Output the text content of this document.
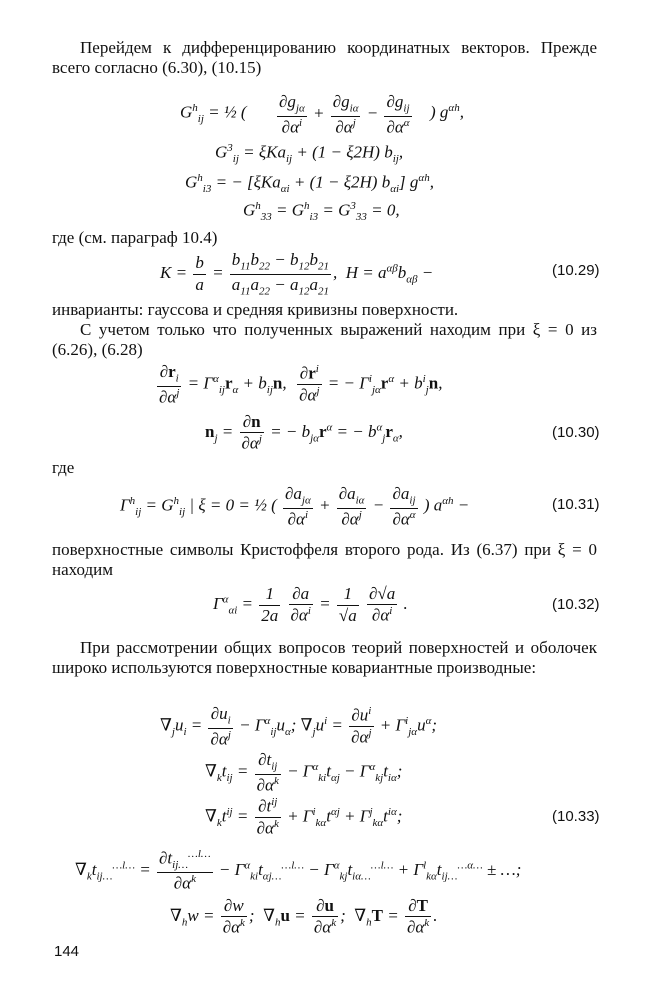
Перейдем к дифференцированию координатных векторов. Прежде всего согласно (6.30), (10.15)

$G^h_{ij}$ = ½ ( $\frac{\partial g_{j\alpha}}{\partial\alpha^i} + \frac{\partial g_{i\alpha}}{\partial\alpha^j} - \frac{\partial g_{ij}}{\partial\alpha^\alpha}$ ) $g^{\alpha h}$,
$G^3_{ij} = \xi Ka_{ij} + (1 - \xi 2H)$ $b_{ij}$,
$G^h_{i3}$ = − [ξKa$_{\alpha i}$ + (1 − ξ2H) $b_{\alpha i}$] $g^{\alpha h}$,
$G^h_{33} = G^h_{i3} = G^3_{33} = 0$,

где (см. параграф 10.4)

$K = \frac{b}{a} = \frac{b_{11}b_{22} - b_{12}b_{21}}{a_{11}a_{22} - a_{12}a_{21}}$ ,  $H = a^{\alpha\beta}b_{\alpha\beta}$ −	(10.29)

инварианты: гауссова и средняя кривизны поверхности.

С учетом только что полученных выражений находим при ξ = 0 из (6.26), (6.28)

$\frac{\partial r_i}{\partial\alpha^j} = \Gamma^\alpha_{ij}r_\alpha + b_{ij}n$, $\frac{\partial r^i}{\partial\alpha^j}$ = − $\Gamma^i_{j\alpha}r^\alpha + b^i_jn$,
$n_j = \frac{\partial n}{\partial\alpha^j}$ = − $b_{j\alpha}r^\alpha$ = − $b^\alpha_jr_\alpha$,	(10.30)

где

$\Gamma^h_{ij} = G^h_{ij}$ | ξ = 0 = ½ ( $\frac{\partial a_{j\alpha}}{\partial\alpha^i} + \frac{\partial a_{i\alpha}}{\partial\alpha^j} - \frac{\partial a_{ij}}{\partial\alpha^\alpha}$ ) $a^{\alpha h}$ −	(10.31)

поверхностные символы Кристоффеля второго рода. Из (6.37) при ξ = 0 находим

$\Gamma^\alpha_{\alpha i} = \frac{1}{2a}$
$\frac{\partial a}{\partial\alpha^i} = \frac{1}{√a}$
$\frac{\partial√a}{\partial\alpha^i}$ .	(10.32)

При рассмотрении общих вопросов теорий поверхностей и оболочек широко используются поверхностные ковариантные производные:

$\nabla_ju_i = \frac{\partial u_i}{\partial\alpha^j} - \Gamma^\alpha_{ij}u_\alpha$; $\nabla_ju^i = \frac{\partial u^i}{\partial\alpha^j} + \Gamma^i_{j\alpha}u^\alpha$;
$\nabla_kt_{ij} = \frac{\partial t_{ij}}{\partial\alpha^k} - \Gamma^\alpha_{ki}t_{\alpha j} - \Gamma^\alpha_{kj}t_{i\alpha}$;
$\nabla_kt^{ij} = \frac{\partial t^{ij}}{\partial\alpha^k} + \Gamma^i_{k\alpha}t^{\alpha j} + \Gamma^j_{k\alpha}t^{i\alpha}$;	(10.33)
$\nabla_kt_{ij\dots}^{\dots l\dots} = \frac{\partial t_{ij\dots}^{\dots l\dots}}{\partial\alpha^k} - \Gamma^\alpha_{ki}t_{\alpha j\dots}^{\dots l\dots} - \Gamma^\alpha_{kj}t_{i\alpha\dots}^{\dots l\dots} + \Gamma^l_{k\alpha}t_{ij\dots}^{\dots\alpha\dots}$ ± …;
$\nabla_hw = \frac{\partial w}{\partial\alpha^k}$ ;  $\nabla_hu = \frac{\partial u}{\partial\alpha^k}$ ;  $\nabla_hT = \frac{\partial T}{\partial\alpha^k}$ .
144
